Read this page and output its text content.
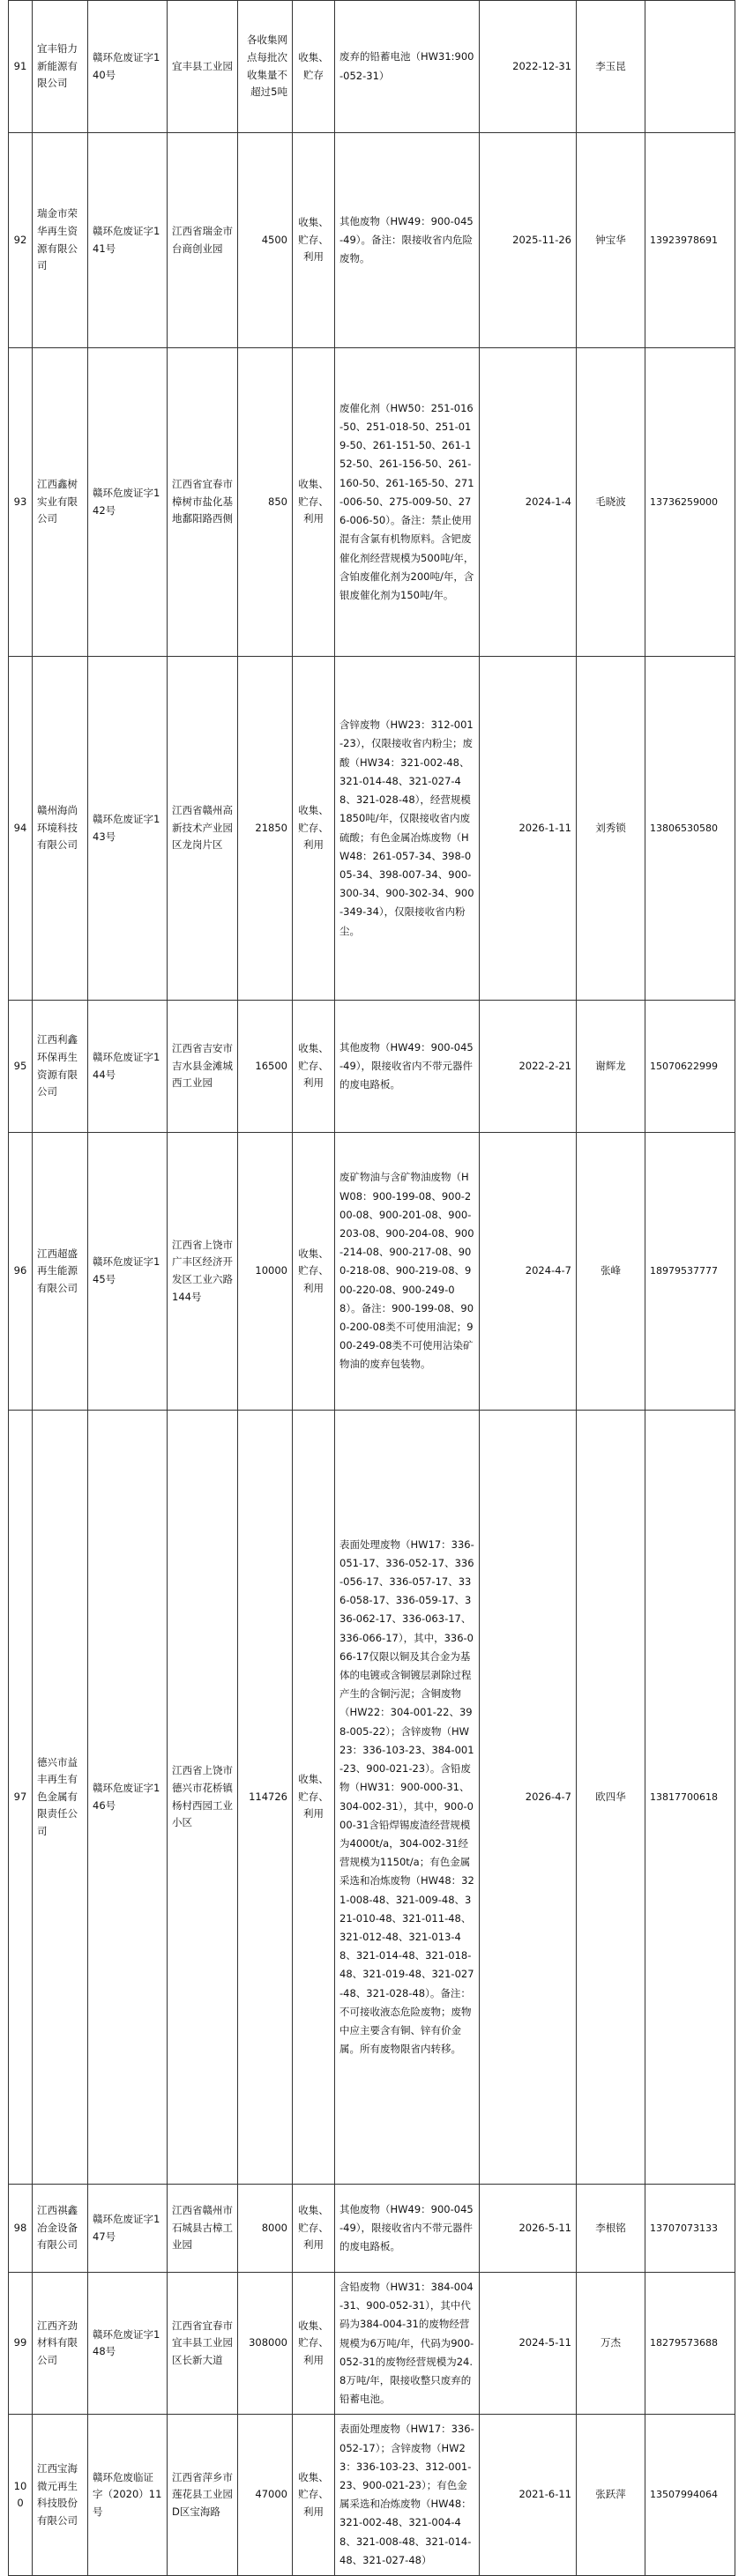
91	宜丰铅力新能源有限公司	赣环危废证字140号	宜丰县工业园	各收集网点每批次收集量不超过5吨	收集、贮存	废弃的铅蓄电池（HW31:900-052-31）	2022-12-31	李玉昆	
92	瑞金市荣华再生资源有限公司	赣环危废证字141号	江西省瑞金市台商创业园	4500	收集、贮存、利用	其他废物（HW49：900-045-49）。备注：限接收省内危险废物。	2025-11-26	钟宝华	13923978691
93	江西鑫树实业有限公司	赣环危废证字142号	江西省宜春市樟树市盐化基地鄱阳路西侧	850	收集、贮存、利用	废催化剂（HW50：251-016-50、251-018-50、251-019-50、261-151-50、261-152-50、261-156-50、261-160-50、261-165-50、271-006-50、275-009-50、276-006-50）。备注：禁止使用混有含氯有机物原料。含钯废催化剂经营规模为500吨/年，含铂废催化剂为200吨/年，含银废催化剂为150吨/年。	2024-1-4	毛晓波	13736259000
94	赣州海尚环境科技有限公司	赣环危废证字143号	江西省赣州高新技术产业园区龙岗片区	21850	收集、贮存、利用	含锌废物（HW23：312-001-23），仅限接收省内粉尘；废酸（HW34：321-002-48、321-014-48、321-027-48、321-028-48），经营规模1850吨/年，仅限接收省内废硫酸；有色金属冶炼废物（HW48：261-057-34、398-005-34、398-007-34、900-300-34、900-302-34、900-349-34），仅限接收省内粉尘。	2026-1-11	刘秀锁	13806530580
95	江西利鑫环保再生资源有限公司	赣环危废证字144号	江西省吉安市吉水县金滩城西工业园	16500	收集、贮存、利用	其他废物（HW49：900-045-49），限接收省内不带元器件的废电路板。	2022-2-21	谢辉龙	15070622999
96	江西超盛再生能源有限公司	赣环危废证字145号	江西省上饶市广丰区经济开发区工业六路144号	10000	收集、贮存、利用	废矿物油与含矿物油废物（HW08：900-199-08、900-200-08、900-201-08、900-203-08、900-204-08、900-214-08、900-217-08、900-218-08、900-219-08、900-220-08、900-249-08）。备注：900-199-08、900-200-08类不可使用油泥；900-249-08类不可使用沾染矿物油的废弃包装物。	2024-4-7	张峰	18979537777
97	德兴市益丰再生有色金属有限责任公司	赣环危废证字146号	江西省上饶市德兴市花桥镇杨村西园工业小区	114726	收集、贮存、利用	表面处理废物（HW17：336-051-17、336-052-17、336-056-17、336-057-17、336-058-17、336-059-17、336-062-17、336-063-17、336-066-17），其中，336-066-17仅限以铜及其合金为基体的电镀或含铜镀层剥除过程产生的含铜污泥；含铜废物（HW22：304-001-22、398-005-22）；含锌废物（HW23：336-103-23、384-001-23、900-021-23）。含铅废物（HW31：900-000-31、304-002-31），其中，900-000-31含铅焊锡废渣经营规模为4000t/a，304-002-31经营规模为1150t/a；有色金属采选和冶炼废物（HW48：321-008-48、321-009-48、321-010-48、321-011-48、321-012-48、321-013-48、321-014-48、321-018-48、321-019-48、321-027-48、321-028-48）。备注：不可接收液态危险废物；废物中应主要含有铜、锌有价金属。所有废物限省内转移。	2026-4-7	欧四华	13817700618
98	江西祺鑫冶金设备有限公司	赣环危废证字147号	江西省赣州市石城县古樟工业园	8000	收集、贮存、利用	其他废物（HW49：900-045-49），限接收省内不带元器件的废电路板。	2026-5-11	李根铭	13707073133
99	江西齐劲材料有限公司	赣环危废证字148号	江西省宜春市宜丰县工业园区长新大道	308000	收集、贮存、利用	含铅废物（HW31：384-004-31、900-052-31），其中代码为384-004-31的废物经营规模为6万吨/年，代码为900-052-31的废物经营规模为24.8万吨/年，限接收整只废弃的铅蓄电池。	2024-5-11	万杰	18279573688
100	江西宝海微元再生科技股份有限公司	赣环危废临证字（2020）11号	江西省萍乡市莲花县工业园D区宝海路	47000	收集、贮存、利用	表面处理废物（HW17：336-052-17）；含锌废物（HW23：336-103-23、312-001-23、900-021-23）；有色金属采选和冶炼废物（HW48：321-002-48、321-004-48、321-008-48、321-014-48、321-027-48）	2021-6-11	张跃萍	13507994064
